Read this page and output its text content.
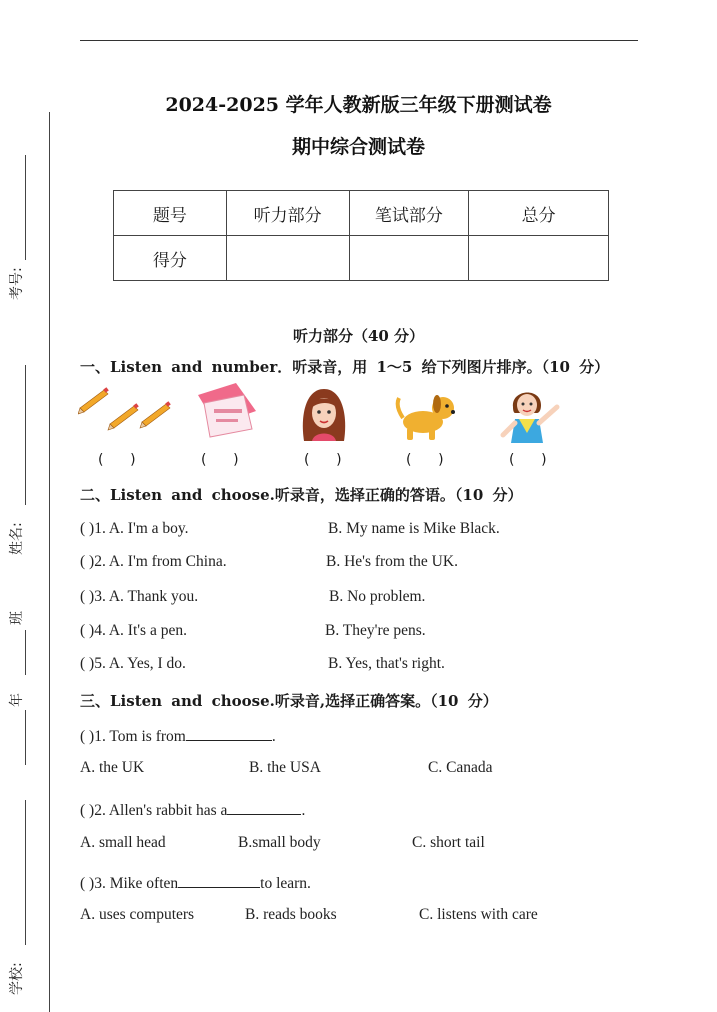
考号:
姓名:
班
年
学校:
2024-2025 学年人教新版三年级下册测试卷
期中综合测试卷
题号	听力部分	笔试部分	总分
得分			
听力部分（40 分）
一、Listen and number．听录音，用 1～5 给下列图片排序。（10 分）
(      )	(      )	(      )	(      )	(      )
二、Listen and choose.听录音，选择正确的答语。（10 分）
( )1. A. I'm a boy.	B. My name is Mike Black.
( )2. A. I'm from China.	B. He's from the UK.
( )3. A. Thank you.	B. No problem.
( )4. A. It's a pen.	B. They're pens.
( )5. A. Yes, I do.	B. Yes, that's right.
三、Listen and choose.听录音,选择正确答案。（10 分）
( )1. Tom is from	.
A. the UK	B. the USA	C. Canada
( )2. Allen's rabbit has a	.
A. small head	B.small body	C. short tail
( )3. Mike often	to learn.
A. uses computers	B. reads books	C. listens with care
